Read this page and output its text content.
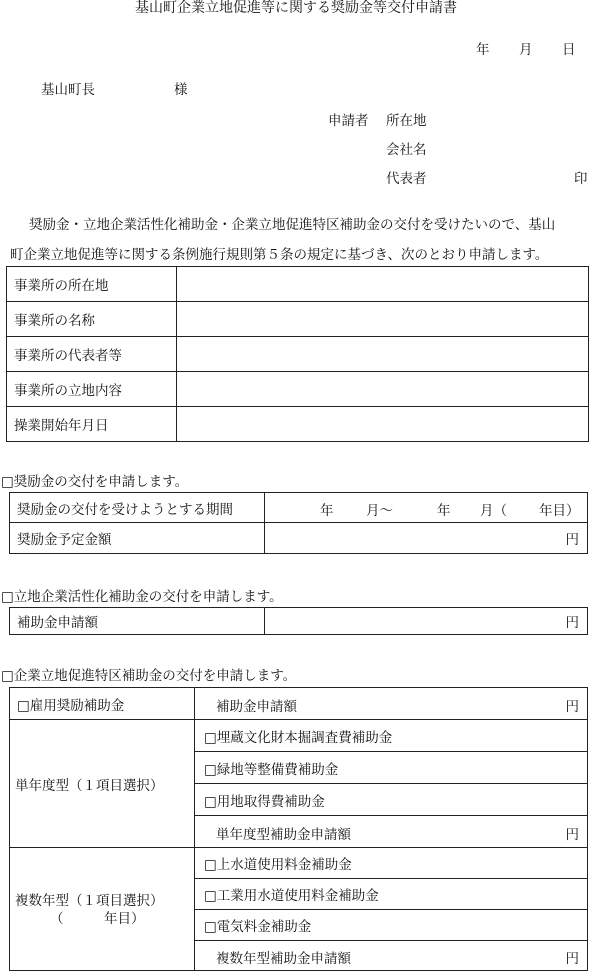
基山町企業立地促進等に関する奨励金等交付申請書
年 月 日
基山町長	様
申請者 所在地
会社名
代表者	印
奨励金・立地企業活性化補助金・企業立地促進特区補助金の交付を受けたいので、基山
町企業立地促進等に関する条例施行規則第５条の規定に基づき、次のとおり申請します。
事業所の所在地	
事業所の名称	
事業所の代表者等	
事業所の立地内容	
操業開始年月日	
□奨励金の交付を申請します。
奨励金の交付を受けようとする期間	年 月〜 年 月（ 年目）

奨励金予定金額	円
□立地企業活性化補助金の交付を申請します。
補助金申請額	円
□企業立地促進特区補助金の交付を申請します。
□雇用奨励補助金	補助金申請額 円

単年度型（１項目選択）	□埋蔵文化財本掘調査費補助金
	□緑地等整備費補助金
	□用地取得費補助金

	単年度型補助金申請額 円

複数年型（１項目選択）
（　　　年目）	□上水道使用料金補助金
	□工業用水道使用料金補助金
	□電気料金補助金

	複数年型補助金申請額 円
